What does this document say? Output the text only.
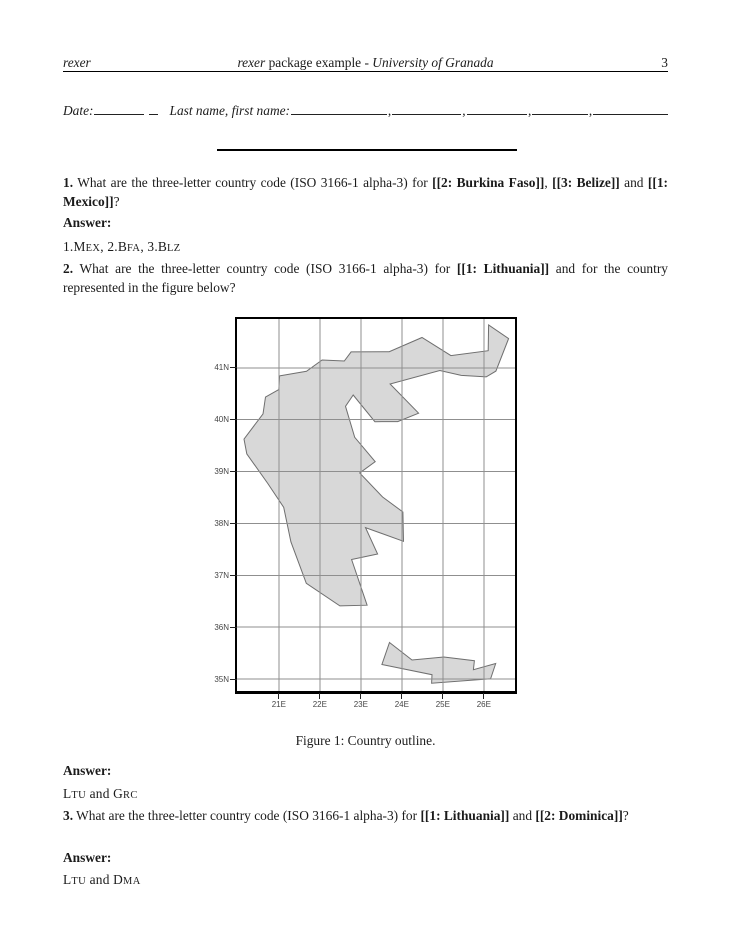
rexer	rexer package example - University of Granada	3
Date:	Last name, first name:	,	,	,	,

1. What are the three-letter country code (ISO 3166-1 alpha-3) for [[2: Burkina Faso]], [[3: Belize]] and [[1: Mexico]]?

Answer:

1.MEX, 2.BFA, 3.BLZ

2. What are the three-letter country code (ISO 3166-1 alpha-3) for [[1: Lithuania]] and for the country represented in the figure below?

21E	22E	23E	24E	25E	26E
41N
40N
39N
38N
37N
36N
35N

Figure 1: Country outline.

Answer:

LTU and GRC

3. What are the three-letter country code (ISO 3166-1 alpha-3) for [[1: Lithuania]] and [[2: Dominica]]?

Answer:

LTU and DMA
